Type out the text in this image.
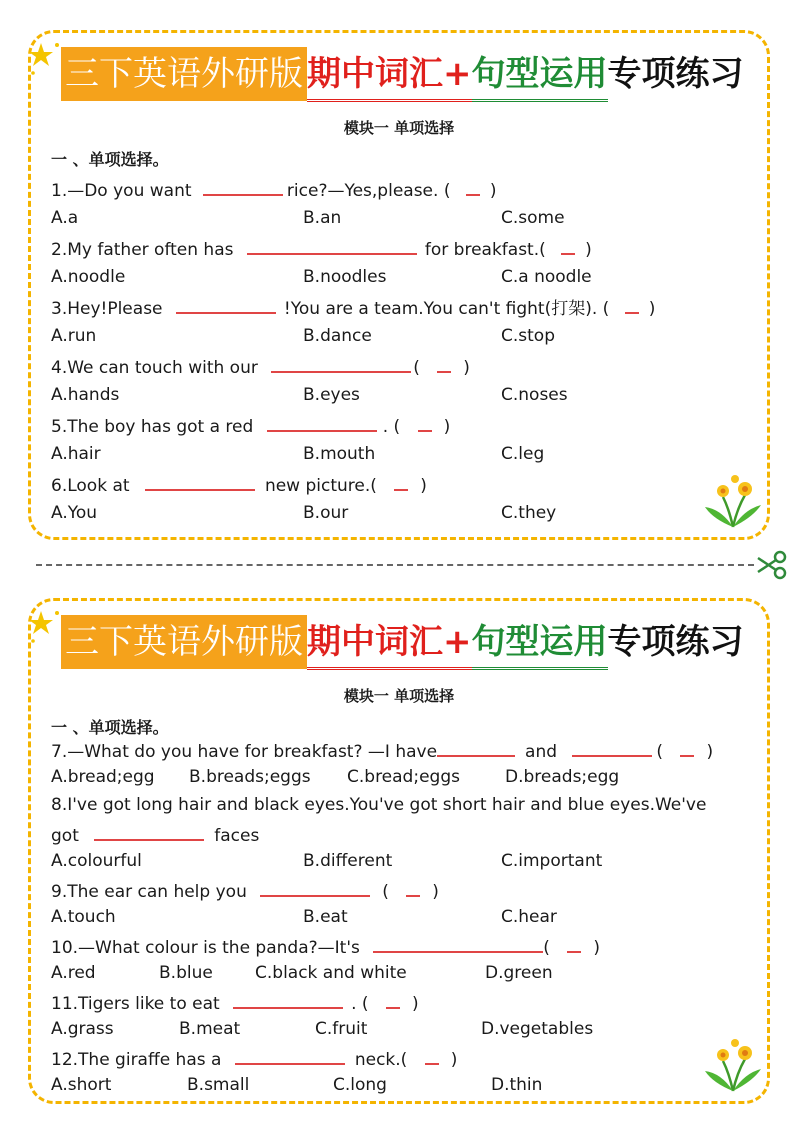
三下英语外研版 期中词汇+句型运用专项练习
模块一 单项选择
一 、单项选择。
1.—Do you want	rice?—Yes,please. ( )
A.a	B.an	C.some
2.My father often has	for breakfast.( )
A.noodle	B.noodles	C.a noodle
3.Hey!Please	!You are a team.You can't fight(打架). ( )
A.run	B.dance	C.stop
4.We can touch with our	(	)
A.hands	B.eyes	C.noses
5.The boy has got a red	. (	)
A.hair	B.mouth	C.leg
6.Look at	new picture.(	)
A.You	B.our	C.they
三下英语外研版 期中词汇+句型运用专项练习
模块一 单项选择
一 、单项选择。
7.—What do you have for breakfast? —I have	and	(	)
A.bread;egg B.breads;eggs C.bread;eggs	D.breads;egg
8.I've got long hair and black eyes.You've got short hair and blue eyes.We've
got	faces
A.colourful	B.different	C.important
9.The ear can help you	(	)
A.touch	B.eat	C.hear
10.—What colour is the panda?—It's	(	)
A.red	B.blue C.black and white	D.green
11.Tigers like to eat	. (	)
A.grass	B.meat	C.fruit	D.vegetables
12.The giraffe has a	neck.(	)
A.short	B.small	C.long	D.thin
